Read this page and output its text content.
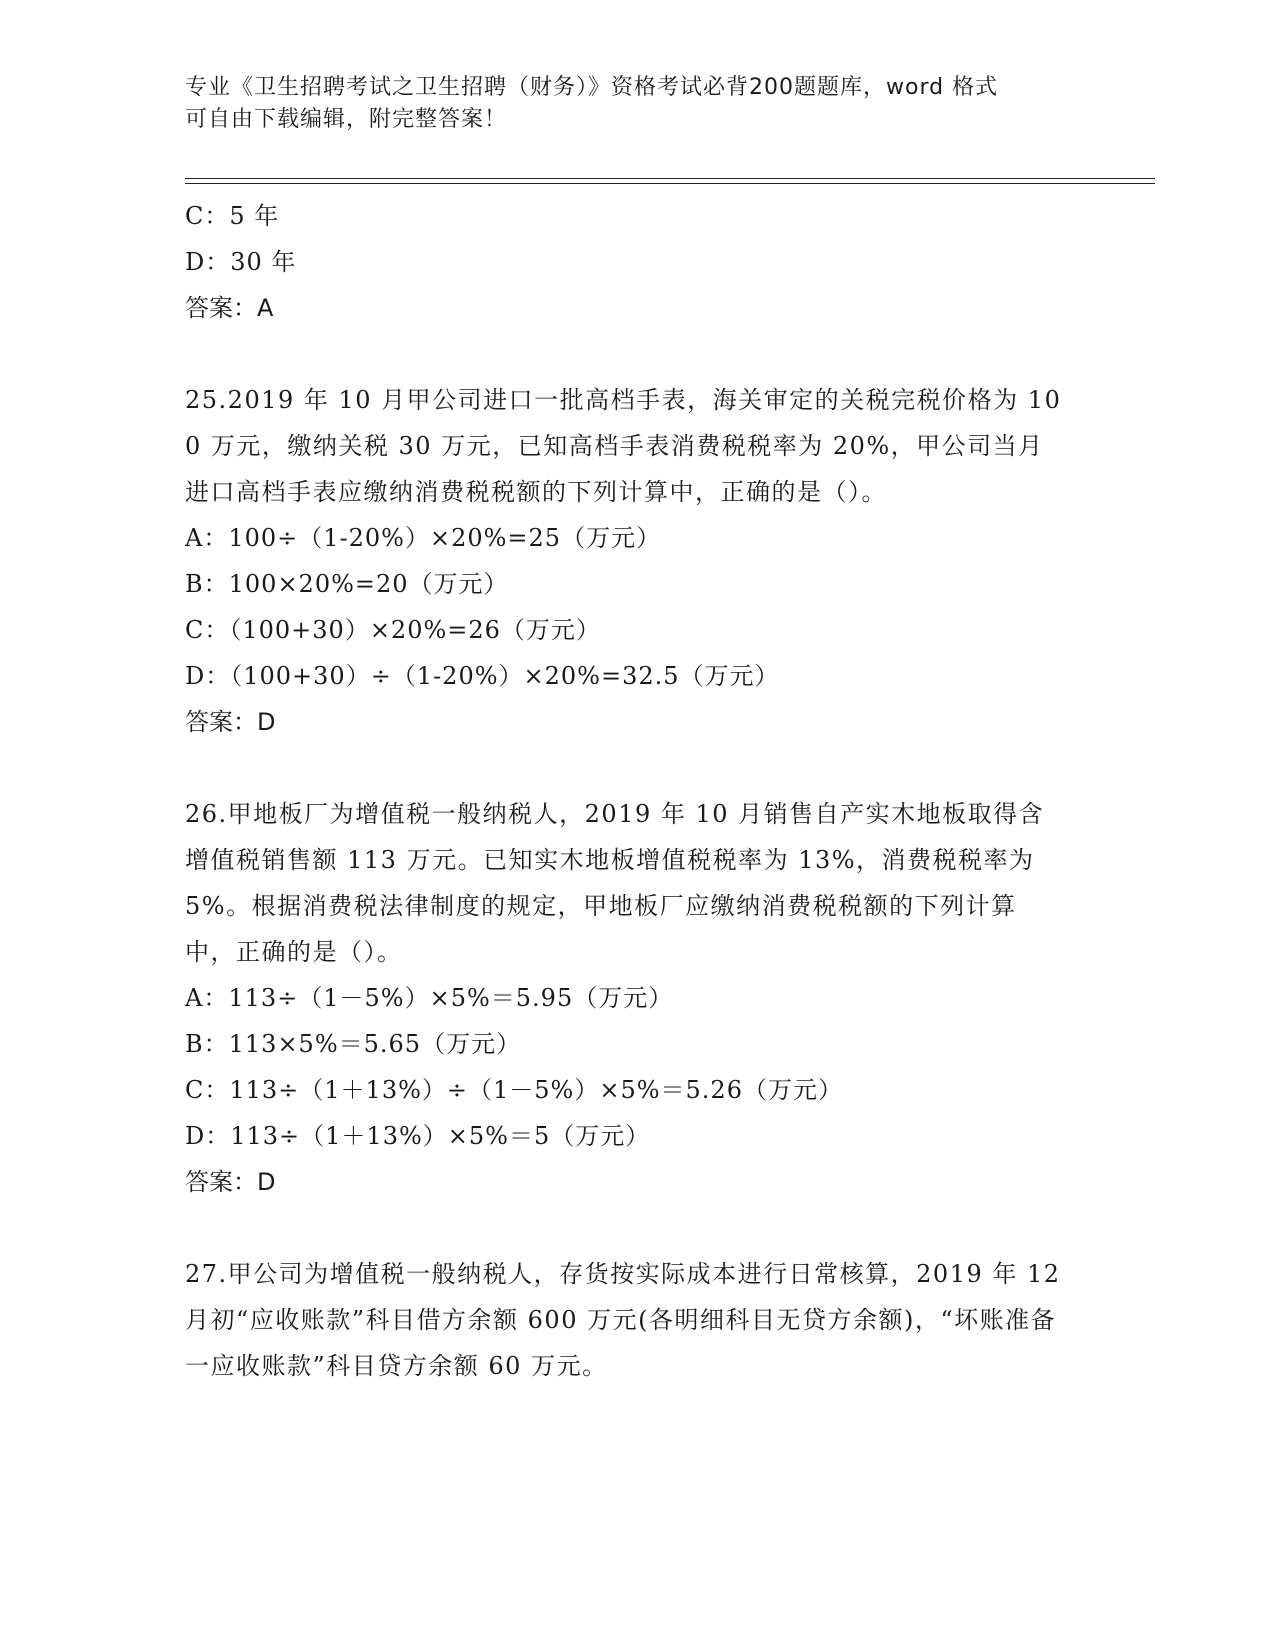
专业《卫生招聘考试之卫生招聘（财务）》资格考试必背200题题库，word 格式
可自由下载编辑，附完整答案！
C：5 年
D：30 年
答案：A
25.2019 年 10 月甲公司进口一批高档手表，海关审定的关税完税价格为 100 万元，缴纳关税 30 万元，已知高档手表消费税税率为 20%，甲公司当月进口高档手表应缴纳消费税税额的下列计算中，正确的是（）。
A：100÷（1-20%）×20%=25（万元）
B：100×20%=20（万元）
C：（100+30）×20%=26（万元）
D：（100+30）÷（1-20%）×20%=32.5（万元）
答案：D
26.甲地板厂为增值税一般纳税人，2019 年 10 月销售自产实木地板取得含增值税销售额 113 万元。已知实木地板增值税税率为 13%，消费税税率为 5%。根据消费税法律制度的规定，甲地板厂应缴纳消费税税额的下列计算中，正确的是（）。
A：113÷（1－5%）×5%＝5.95（万元）
B：113×5%＝5.65（万元）
C：113÷（1＋13%）÷（1－5%）×5%＝5.26（万元）
D：113÷（1＋13%）×5%＝5（万元）
答案：D
27.甲公司为增值税一般纳税人，存货按实际成本进行日常核算，2019 年 12 月初“应收账款”科目借方余额 600 万元(各明细科目无贷方余额)，“坏账准备一应收账款”科目贷方余额 60 万元。
